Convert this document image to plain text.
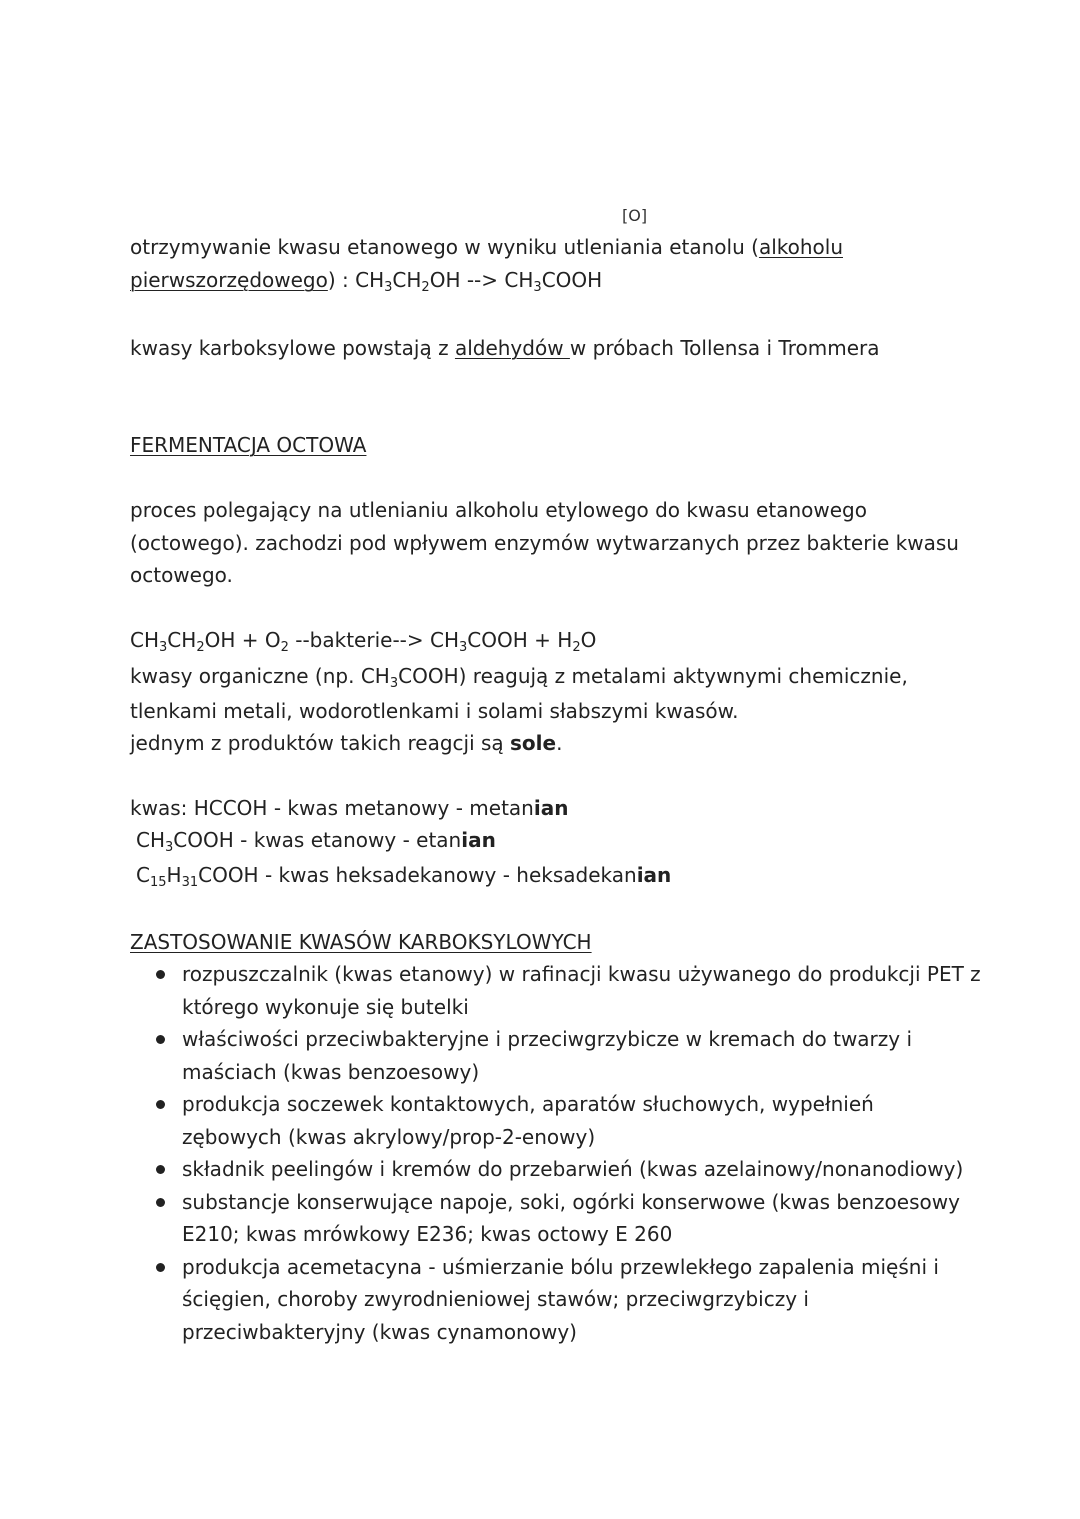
[O]
otrzymywanie kwasu etanowego w wyniku utleniania etanolu (alkoholu
pierwszorzędowego) : $CH_3CH_2OH$ --> $CH_3COOH$
kwasy karboksylowe powstają z aldehydów w próbach Tollensa i Trommera
FERMENTACJA OCTOWA
proces polegający na utlenianiu alkoholu etylowego do kwasu etanowego
(octowego). zachodzi pod wpływem enzymów wytwarzanych przez bakterie kwasu
octowego.
$CH_3CH_2OH + O_2$ --bakterie--> $CH_3COOH + H_2O$
kwasy organiczne (np. $CH_3COOH$) reagują z metalami aktywnymi chemicznie,
tlenkami metali, wodorotlenkami i solami słabszymi kwasów.
jednym z produktów takich reagcji są sole.
kwas: HCCOH - kwas metanowy - metanian
$CH_3COOH$ - kwas etanowy - etanian
$C_{15}H_{31}COOH$ - kwas heksadekanowy - heksadekanian
ZASTOSOWANIE KWASÓW KARBOKSYLOWYCH
rozpuszczalnik (kwas etanowy) w rafinacji kwasu używanego do produkcji PET z
którego wykonuje się butelki
właściwości przeciwbakteryjne i przeciwgrzybicze w kremach do twarzy i
maściach (kwas benzoesowy)
produkcja soczewek kontaktowych, aparatów słuchowych, wypełnień
zębowych (kwas akrylowy/prop-2-enowy)
składnik peelingów i kremów do przebarwień (kwas azelainowy/nonanodiowy)
substancje konserwujące napoje, soki, ogórki konserwowe (kwas benzoesowy
E210; kwas mrówkowy E236; kwas octowy E 260
produkcja acemetacyna - uśmierzanie bólu przewlekłego zapalenia mięśni i
ścięgien, choroby zwyrodnieniowej stawów; przeciwgrzybiczy i
przeciwbakteryjny (kwas cynamonowy)
